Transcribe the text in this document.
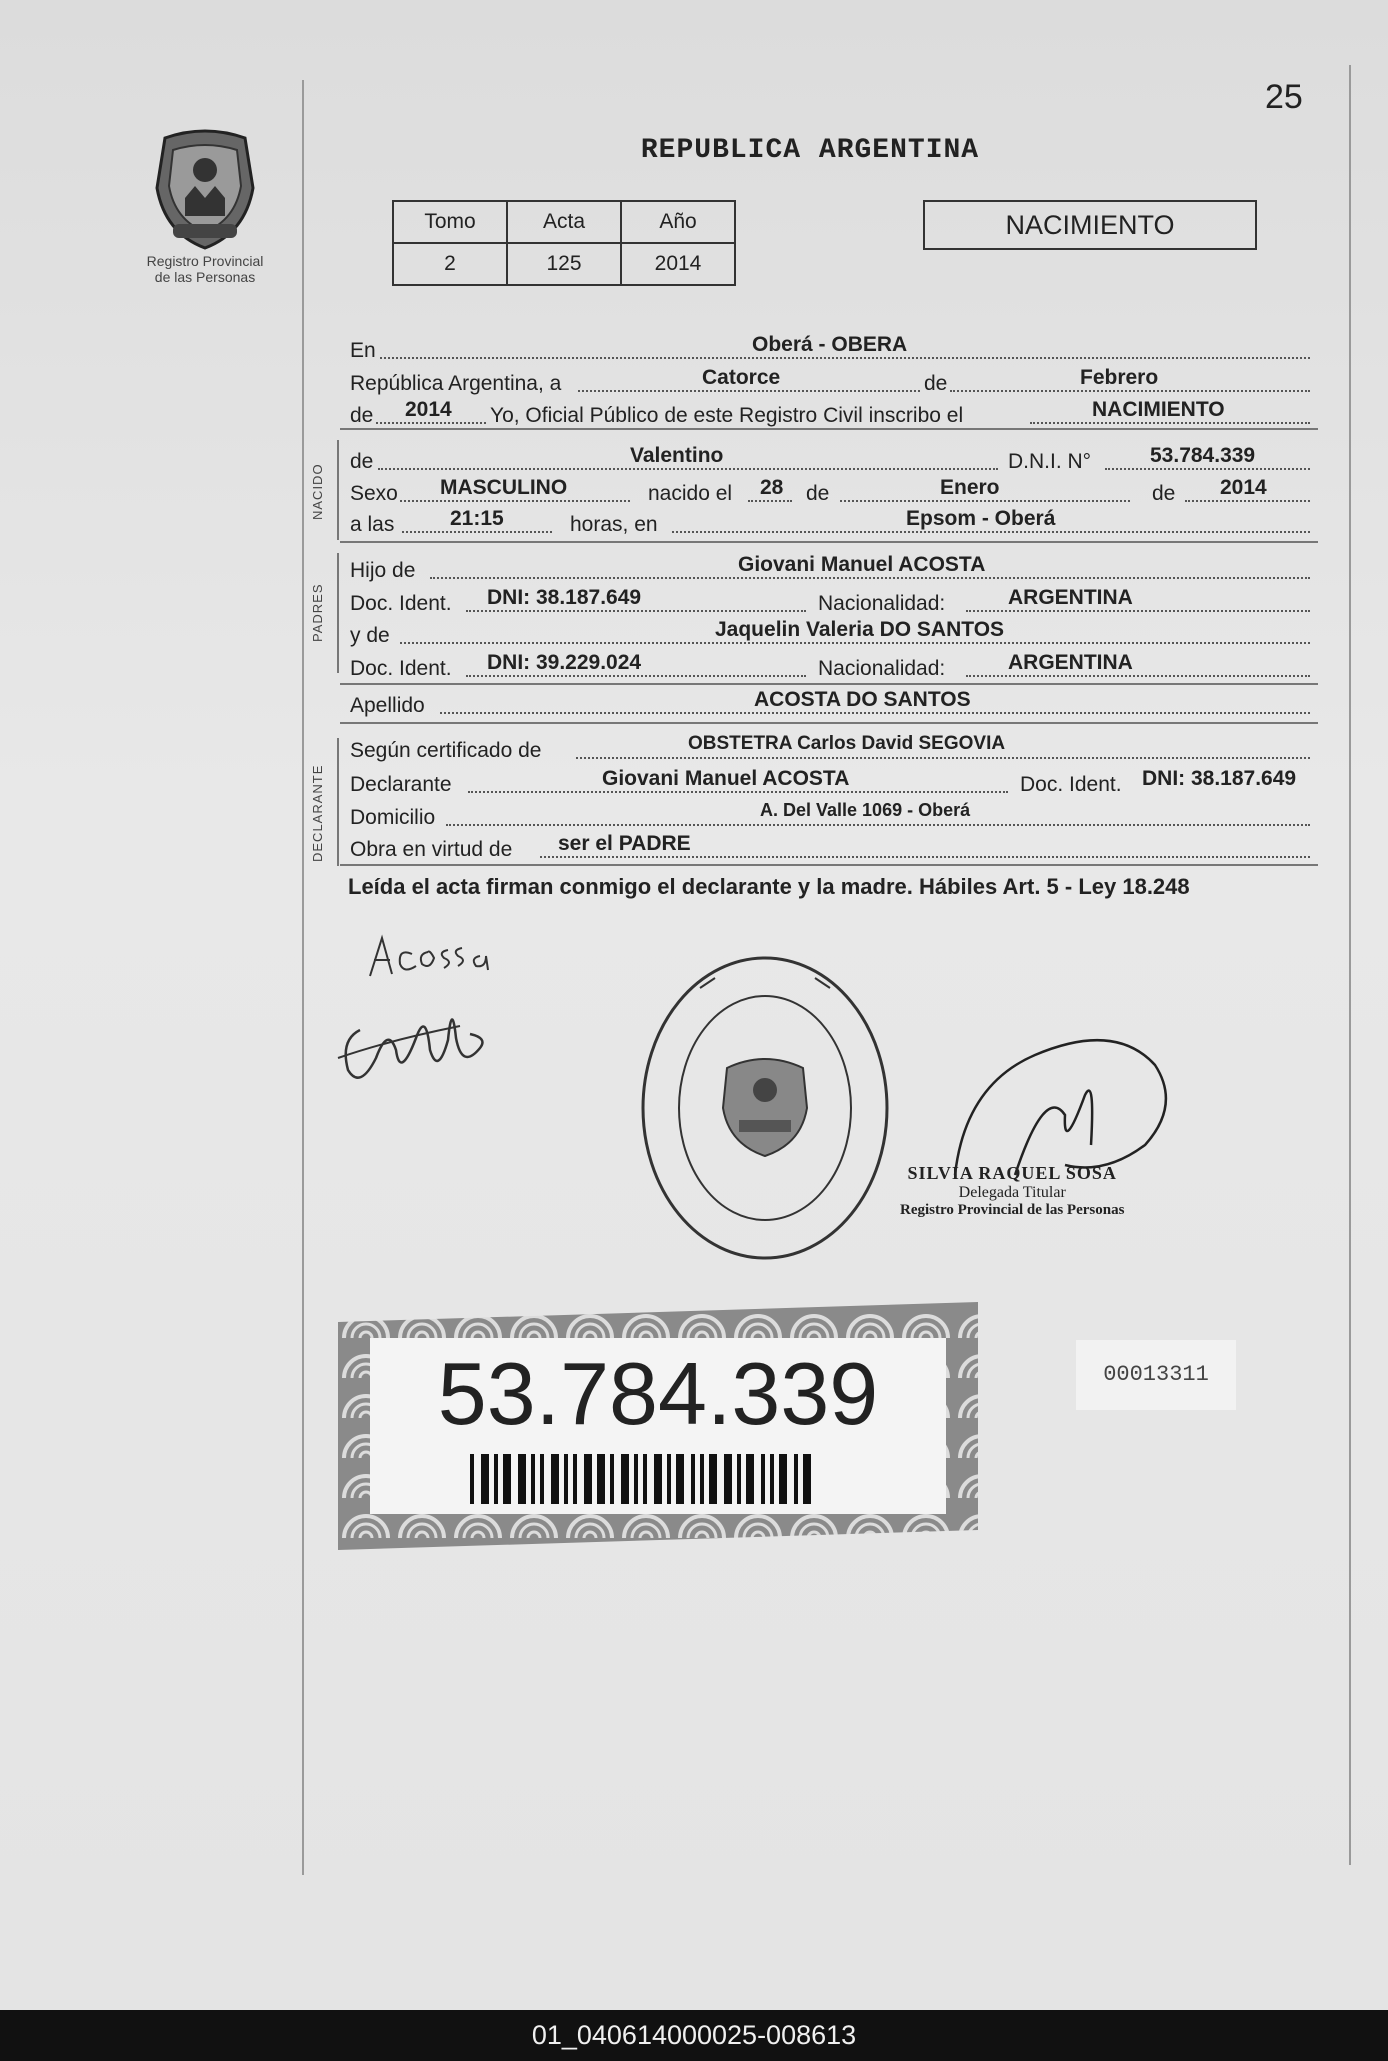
25
Registro Provincial
de las Personas
REPUBLICA ARGENTINA
Tomo	Acta	Año
2	125	2014
NACIMIENTO
En	Oberá - OBERA
República Argentina, a	Catorce	de	Febrero
de 2014 Yo, Oficial Público de este Registro Civil inscribo el	NACIMIENTO
NACIDO
de	Valentino	D.N.I. N°	53.784.339
Sexo MASCULINO	nacido el 28 de	Enero	de 2014
a las	21:15	horas, en	Epsom - Oberá
PADRES
Hijo de	Giovani Manuel ACOSTA
Doc. Ident. DNI: 38.187.649	Nacionalidad:	ARGENTINA
y de	Jaquelin Valeria DO SANTOS
Doc. Ident. DNI: 39.229.024	Nacionalidad:	ARGENTINA
Apellido	ACOSTA DO SANTOS
DECLARANTE
Según certificado de	OBSTETRA Carlos David SEGOVIA
Declarante	Giovani Manuel ACOSTA	Doc. Ident. DNI: 38.187.649
Domicilio	A. Del Valle 1069 - Oberá
Obra en virtud de ser el PADRE
Leída el acta firman conmigo el declarante y la madre. Hábiles Art. 5 - Ley 18.248
SILVIA RAQUEL SOSA
Delegada Titular
Registro Provincial de las Personas
53.784.339	00013311
01_040614000025-008613
